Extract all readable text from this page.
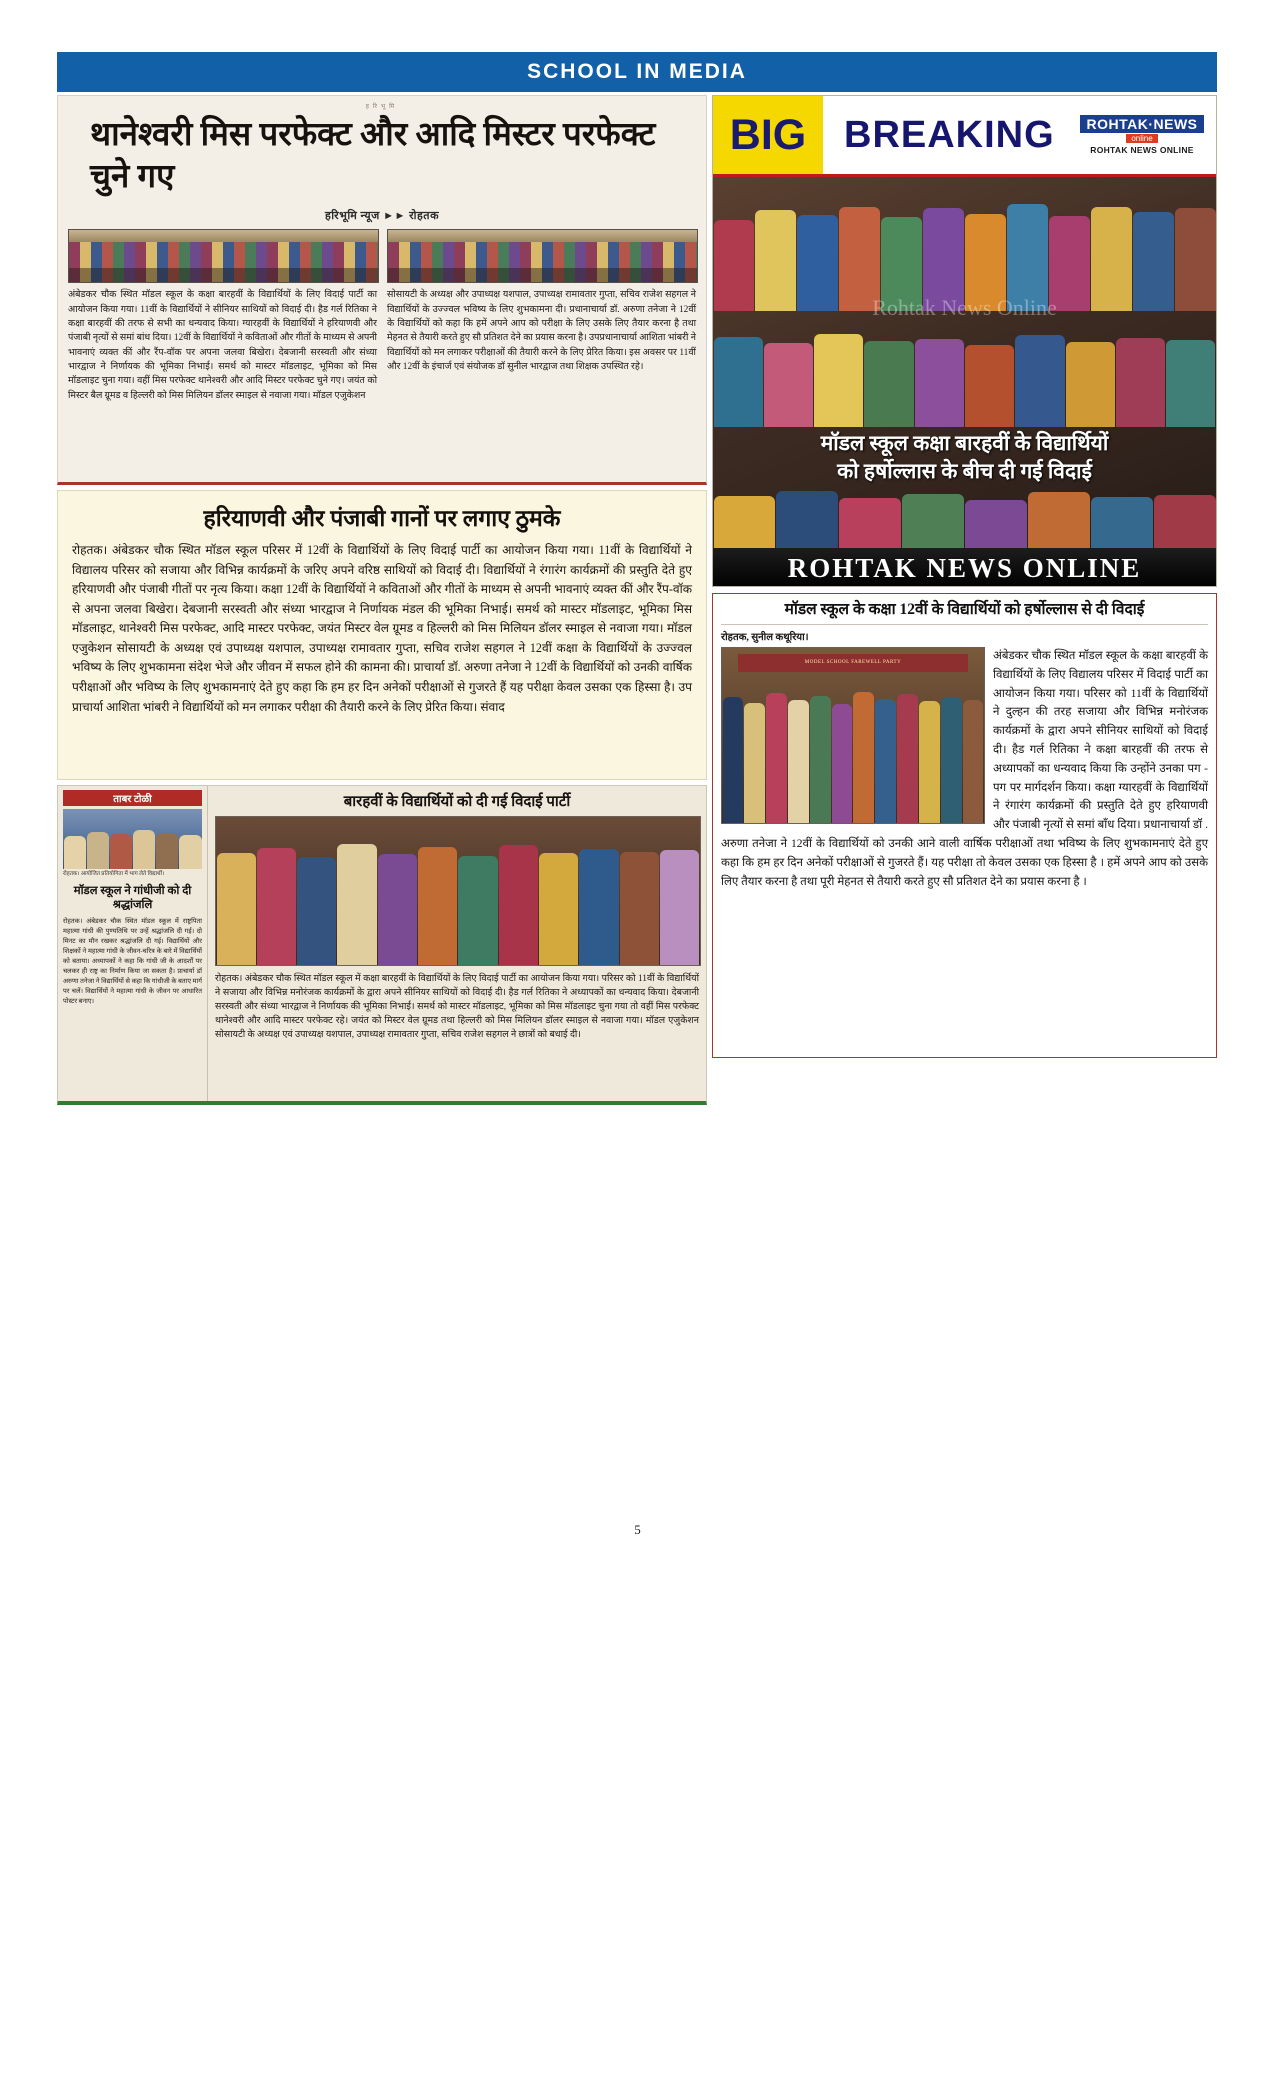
SCHOOL IN MEDIA
हरिभूमि
थानेश्वरी मिस परफेक्ट और आदि मिस्टर परफेक्ट चुने गए
हरिभूमि न्यूज ►► रोहतक
अंबेडकर चौक स्थित मॉडल स्कूल के कक्षा बारहवीं के विद्यार्थियों के लिए विदाई पार्टी का आयोजन किया गया। 11वीं के विद्यार्थियों ने सीनियर साथियों को विदाई दी। हैड गर्ल रितिका ने कक्षा बारहवीं की तरफ से सभी का धन्यवाद किया। ग्यारहवीं के विद्यार्थियों ने हरियाणवी और पंजाबी नृत्यों से समां बांध दिया। 12वीं के विद्यार्थियों ने कविताओं और गीतों के माध्यम से अपनी भावनाएं व्यक्त कीं और रैंप-वॉक पर अपना जलवा बिखेरा। देबजानी सरस्वती और संध्या भारद्वाज ने निर्णायक की भूमिका निभाई। समर्थ को मास्टर मॉडलाइट, भूमिका को मिस मॉडलाइट चुना गया। वहीं मिस परफेक्ट थानेश्वरी और आदि मिस्टर परफेक्ट चुने गए। जयंत को मिस्टर बैल ग्रूमड व हिल्लरी को मिस मिलियन डॉलर स्माइल से नवाजा गया। मॉडल एजुकेशन
सोसायटी के अध्यक्ष और उपाध्यक्ष यशपाल, उपाध्यक्ष रामावतार गुप्ता, सचिव राजेश सहगल ने विद्यार्थियों के उज्ज्वल भविष्य के लिए शुभकामना दी। प्रधानाचार्या डॉ. अरुणा तनेजा ने 12वीं के विद्यार्थियों को कहा कि हमें अपने आप को परीक्षा के लिए उसके लिए तैयार करना है तथा मेहनत से तैयारी करते हुए सौ प्रतिशत देने का प्रयास करना है। उपप्रधानाचार्या आशिता भांबरी ने विद्यार्थियों को मन लगाकर परीक्षाओं की तैयारी करने के लिए प्रेरित किया। इस अवसर पर 11वीं और 12वीं के इंचार्ज एवं संयोजक डॉ सुनील भारद्वाज तथा शिक्षक उपस्थित रहे।
BIG BREAKING	ROHTAK·NEWS
online
ROHTAK NEWS ONLINE
Rohtak News Online
मॉडल स्कूल कक्षा बारहवीं के विद्यार्थियों
को हर्षोल्लास के बीच दी गई विदाई
ROHTAK NEWS ONLINE
हरियाणवी और पंजाबी गानों पर लगाए ठुमके

रोहतक। अंबेडकर चौक स्थित मॉडल स्कूल परिसर में 12वीं के विद्यार्थियों के लिए विदाई पार्टी का आयोजन किया गया। 11वीं के विद्यार्थियों ने विद्यालय परिसर को सजाया और विभिन्न कार्यक्रमों के जरिए अपने वरिष्ठ साथियों को विदाई दी। विद्यार्थियों ने रंगारंग कार्यक्रमों की प्रस्तुति देते हुए हरियाणवी और पंजाबी गीतों पर नृत्य किया। कक्षा 12वीं के विद्यार्थियों ने कविताओं और गीतों के माध्यम से अपनी भावनाएं व्यक्त कीं और रैंप-वॉक से अपना जलवा बिखेरा। देबजानी सरस्वती और संध्या भारद्वाज ने निर्णायक मंडल की भूमिका निभाई। समर्थ को मास्टर मॉडलाइट, भूमिका मिस मॉडलाइट, थानेश्वरी मिस परफेक्ट, आदि मास्टर परफेक्ट, जयंत मिस्टर वेल ग्रूमड व हिल्लरी को मिस मिलियन डॉलर स्माइल से नवाजा गया। मॉडल एजुकेशन सोसायटी के अध्यक्ष एवं उपाध्यक्ष यशपाल, उपाध्यक्ष रामावतार गुप्ता, सचिव राजेश सहगल ने 12वीं कक्षा के विद्यार्थियों के उज्ज्वल भविष्य के लिए शुभकामना संदेश भेजे और जीवन में सफल होने की कामना की। प्राचार्या डॉ. अरुणा तनेजा ने 12वीं के विद्यार्थियों को उनकी वार्षिक परीक्षाओं और भविष्य के लिए शुभकामनाएं देते हुए कहा कि हम हर दिन अनेकों परीक्षाओं से गुजरते हैं यह परीक्षा केवल उसका एक हिस्सा है। उप प्राचार्या आशिता भांबरी ने विद्यार्थियों को मन लगाकर परीक्षा की तैयारी करने के लिए प्रेरित किया। संवाद

ताबर टोळी
रोहतक। आयोजित प्रतियोगिता में भाग लेते विद्यार्थी।
मॉडल स्कूल ने गांधीजी को दी श्रद्धांजलि

रोहतक। अंबेडकर चौक स्थित मॉडल स्कूल में राष्ट्रपिता महात्मा गांधी की पुण्यतिथि पर उन्हें श्रद्धांजलि दी गई। दो मिनट का मौन रखकर श्रद्धांजलि दी गई। विद्यार्थियों और शिक्षकों ने महात्मा गांधी के जीवन-चरित्र के बारे में विद्यार्थियों को बताया। अध्यापकों ने कहा कि गांधी जी के आदर्शों पर चलकर ही राष्ट्र का निर्माण किया जा सकता है। प्राचार्या डॉ अरुणा तनेजा ने विद्यार्थियों से कहा कि गांधीजी के बताए मार्ग पर चलें। विद्यार्थियों ने महात्मा गांधी के जीवन पर आधारित पोस्टर बनाए।

बारहवीं के विद्यार्थियों को दी गई विदाई पार्टी

रोहतक। अंबेडकर चौक स्थित मॉडल स्कूल में कक्षा बारहवीं के विद्यार्थियों के लिए विदाई पार्टी का आयोजन किया गया। परिसर को 11वीं के विद्यार्थियों ने सजाया और विभिन्न मनोरंजक कार्यक्रमों के द्वारा अपने सीनियर साथियों को विदाई दी। हैड गर्ल रितिका ने अध्यापकों का धन्यवाद किया। देबजानी सरस्वती और संध्या भारद्वाज ने निर्णायक की भूमिका निभाई। समर्थ को मास्टर मॉडलाइट, भूमिका को मिस मॉडलाइट चुना गया तो वहीं मिस परफेक्ट थानेश्वरी और आदि मास्टर परफेक्ट रहे। जयंत को मिस्टर वेल ग्रूमड तथा हिल्लरी को मिस मिलियन डॉलर स्माइल से नवाजा गया। मॉडल एजुकेशन सोसायटी के अध्यक्ष एवं उपाध्यक्ष यशपाल, उपाध्यक्ष रामावतार गुप्ता, सचिव राजेश सहगल ने छात्रों को बधाई दी।

मॉडल स्कूल के कक्षा 12वीं के विद्यार्थियों को हर्षोल्लास से दी विदाई
रोहतक, सुनील कथूरिया।
MODEL SCHOOL FAREWELL PARTY
अंबेडकर चौक स्थित मॉडल स्कूल के कक्षा बारहवीं के विद्यार्थियों के लिए विद्यालय परिसर में विदाई पार्टी का आयोजन किया गया। परिसर को 11वीं के विद्यार्थियों ने दुल्हन की तरह सजाया और विभिन्न मनोरंजक कार्यक्रमों के द्वारा अपने सीनियर साथियों को विदाई दी। हैड गर्ल रितिका ने कक्षा बारहवीं की तरफ से अध्यापकों का धन्यवाद किया कि उन्होंने उनका पग - पग पर मार्गदर्शन किया। कक्षा ग्यारहवीं के विद्यार्थियों ने रंगारंग कार्यक्रमों की प्रस्तुति देते हुए हरियाणवी और पंजाबी नृत्यों से समां बाँध दिया। प्रधानाचार्या डॉ . अरुणा तनेजा ने 12वीं के विद्यार्थियों को उनकी आने वाली वार्षिक परीक्षाओं तथा भविष्य के लिए शुभकामनाएं देते हुए कहा कि हम हर दिन अनेकों परीक्षाओं से गुजरते हैं। यह परीक्षा तो केवल उसका एक हिस्सा है । हमें अपने आप को उसके लिए तैयार करना है तथा पूरी मेहनत से तैयारी करते हुए सौ प्रतिशत देने का प्रयास करना है ।
5
